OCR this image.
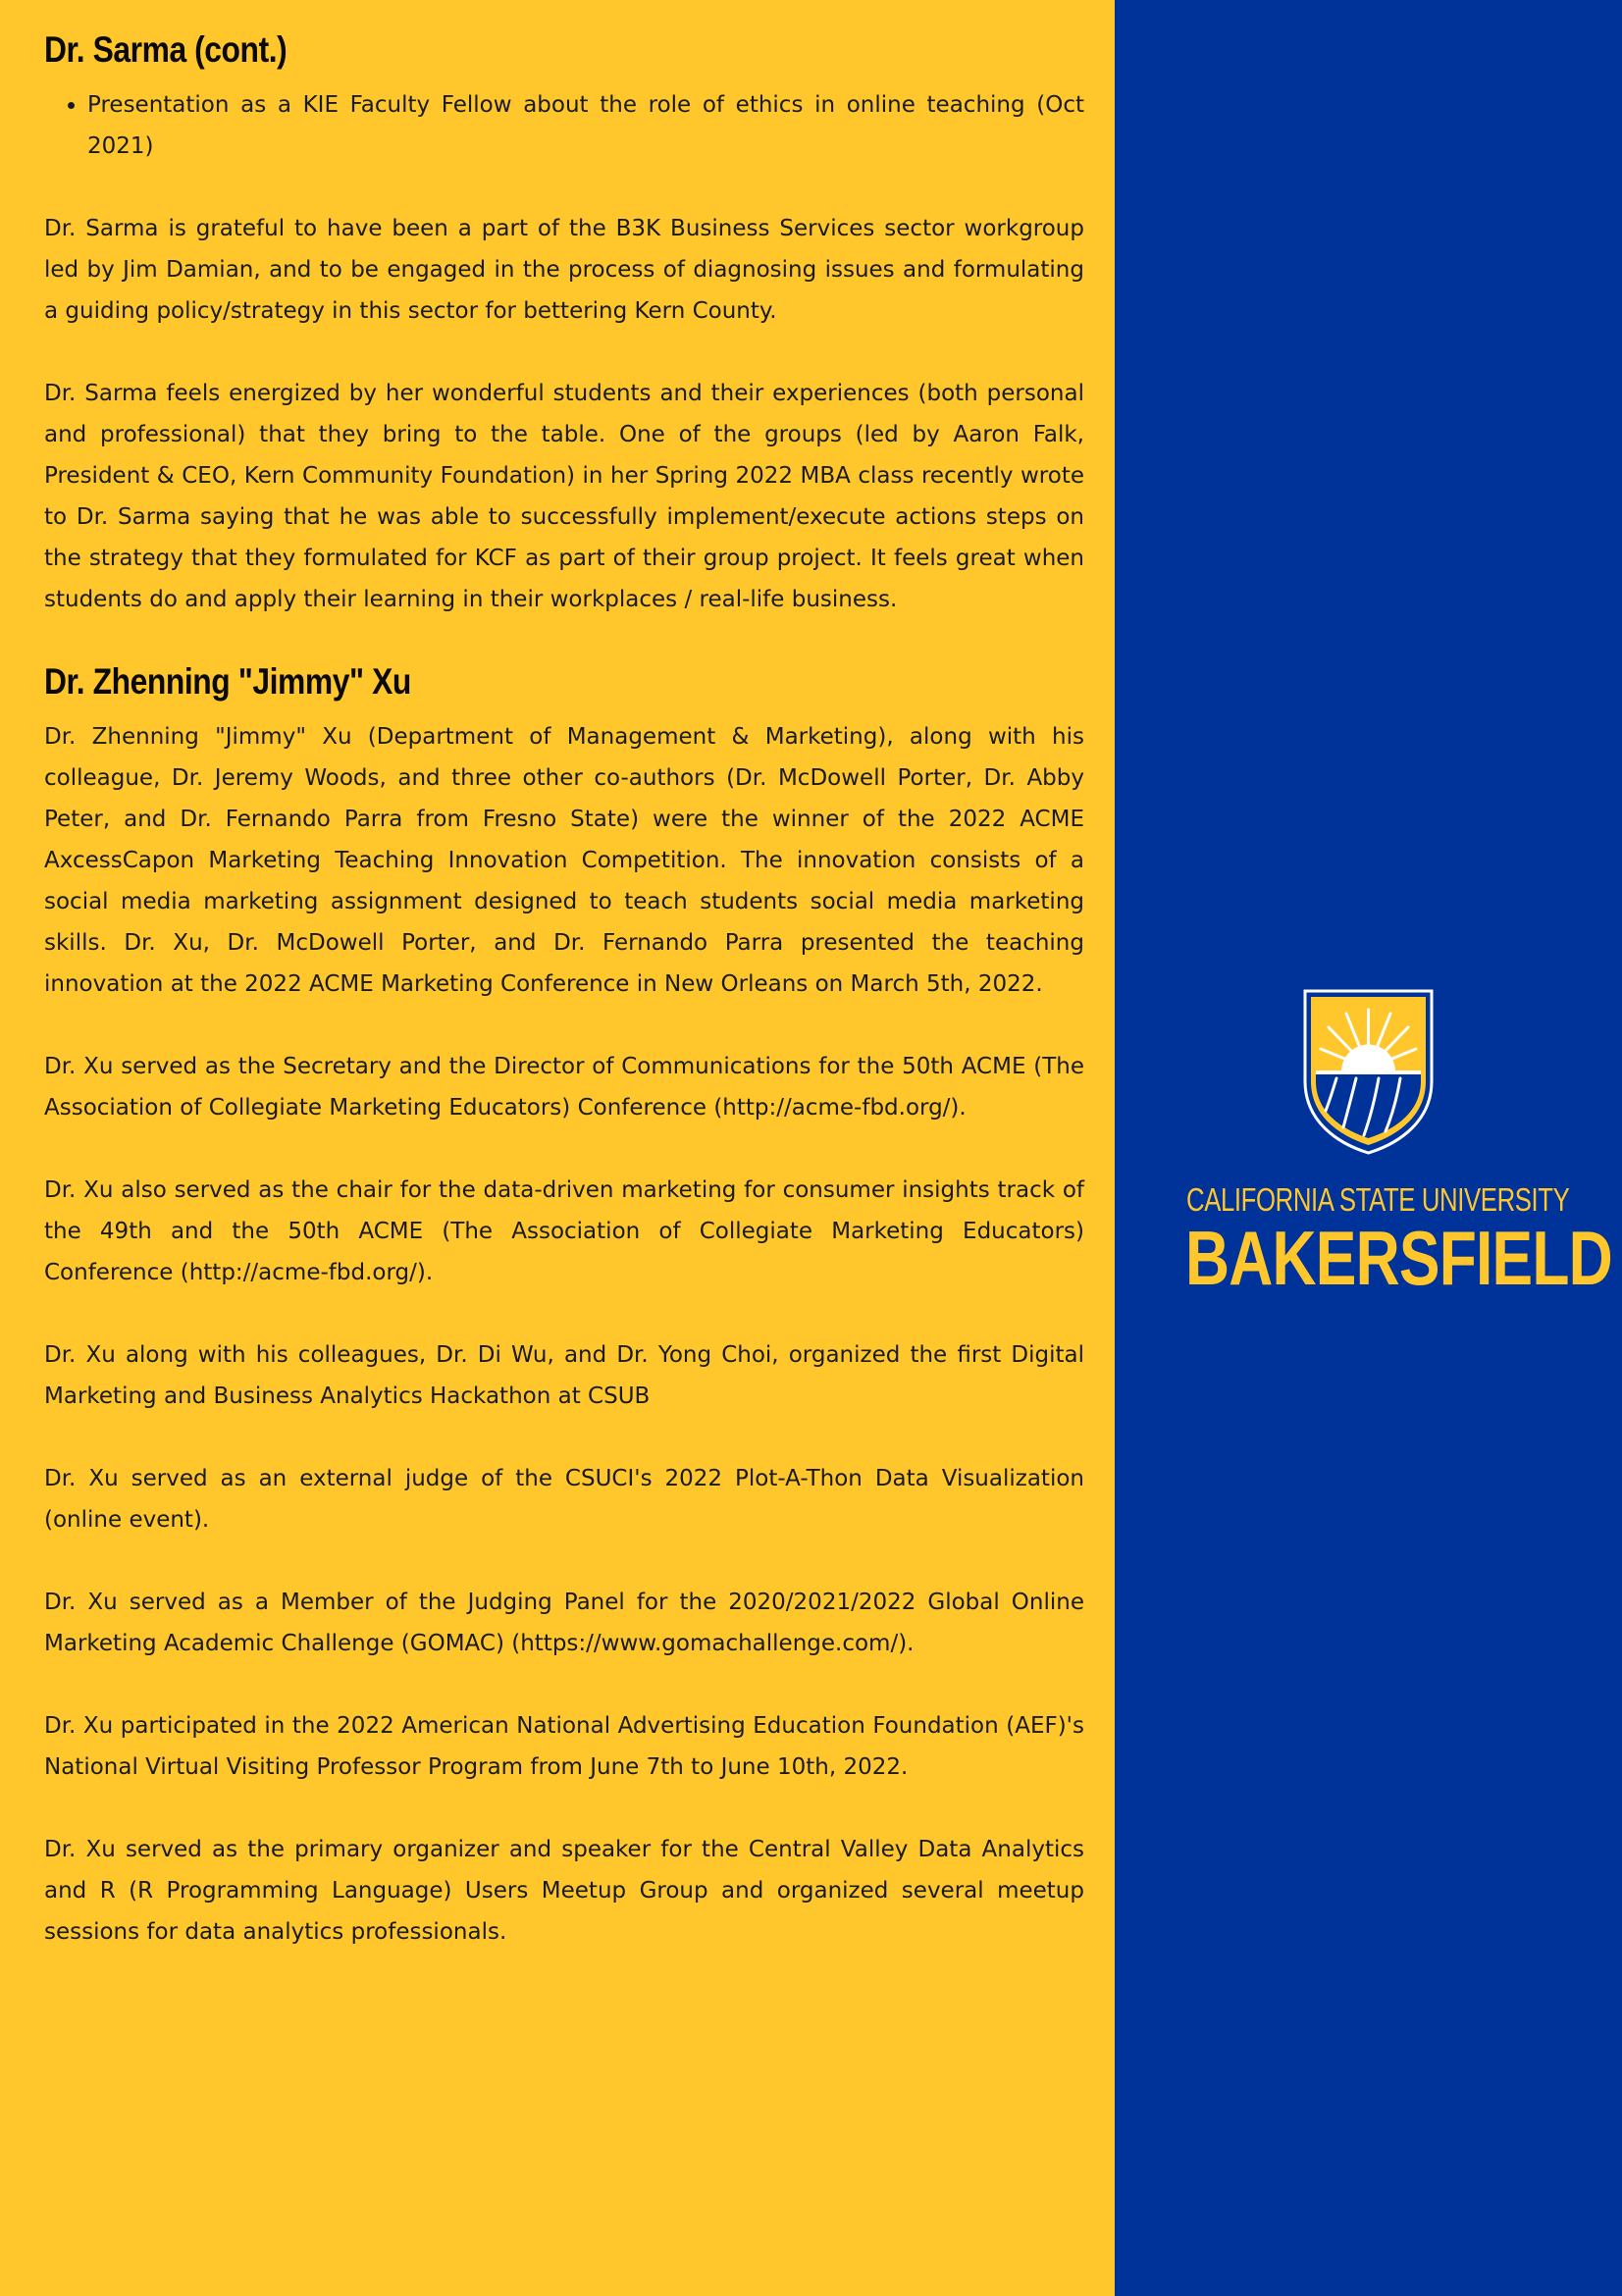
Dr. Sarma (cont.)
• Presentation as a KIE Faculty Fellow about the role of ethics in online teaching (Oct 2021)

Dr. Sarma is grateful to have been a part of the B3K Business Services sector workgroup led by Jim Damian, and to be engaged in the process of diagnosing issues and formulating a guiding policy/strategy in this sector for bettering Kern County.

Dr. Sarma feels energized by her wonderful students and their experiences (both personal and professional) that they bring to the table. One of the groups (led by Aaron Falk, President & CEO, Kern Community Foundation) in her Spring 2022 MBA class recently wrote to Dr. Sarma saying that he was able to successfully implement/execute actions steps on the strategy that they formulated for KCF as part of their group project. It feels great when students do and apply their learning in their workplaces / real-life business.

Dr. Zhenning "Jimmy" Xu

Dr. Zhenning "Jimmy" Xu (Department of Management & Marketing), along with his colleague, Dr. Jeremy Woods, and three other co-authors (Dr. McDowell Porter, Dr. Abby Peter, and Dr. Fernando Parra from Fresno State) were the winner of the 2022 ACME AxcessCapon Marketing Teaching Innovation Competition. The innovation consists of a social media marketing assignment designed to teach students social media marketing skills. Dr. Xu, Dr. McDowell Porter, and Dr. Fernando Parra presented the teaching innovation at the 2022 ACME Marketing Conference in New Orleans on March 5th, 2022.

Dr. Xu served as the Secretary and the Director of Communications for the 50th ACME (The Association of Collegiate Marketing Educators) Conference (http://acme-fbd.org/).

Dr. Xu also served as the chair for the data-driven marketing for consumer insights track of the 49th and the 50th ACME (The Association of Collegiate Marketing Educators) Conference (http://acme-fbd.org/).

Dr. Xu along with his colleagues, Dr. Di Wu, and Dr. Yong Choi, organized the first Digital Marketing and Business Analytics Hackathon at CSUB

Dr. Xu served as an external judge of the CSUCI's 2022 Plot-A-Thon Data Visualization (online event).

Dr. Xu served as a Member of the Judging Panel for the 2020/2021/2022 Global Online Marketing Academic Challenge (GOMAC) (https://www.gomachallenge.com/).

Dr. Xu participated in the 2022 American National Advertising Education Foundation (AEF)'s National Virtual Visiting Professor Program from June 7th to June 10th, 2022.

Dr. Xu served as the primary organizer and speaker for the Central Valley Data Analytics and R (R Programming Language) Users Meetup Group and organized several meetup sessions for data analytics professionals.

CALIFORNIA STATE UNIVERSITY
BAKERSFIELD
